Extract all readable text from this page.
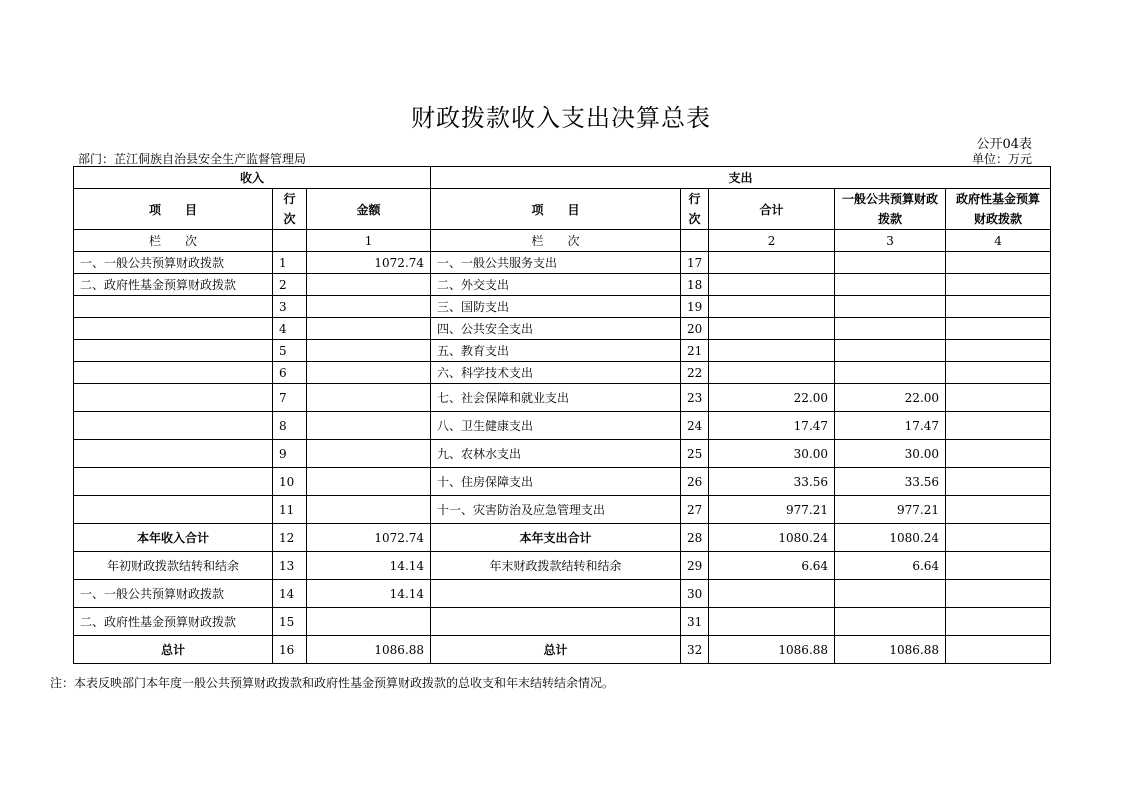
财政拨款收入支出决算总表
公开04表
部门：芷江侗族自治县安全生产监督管理局	单位：万元
收入			支出				
项　　目	行次	金额	项　　目	行次	合计	一般公共预算财政拨款	政府性基金预算财政拨款
栏　　次		1	栏　　次		2	3	4
一、一般公共预算财政拨款	1	1072.74	一、一般公共服务支出	17			
二、政府性基金预算财政拨款	2		二、外交支出	18			
	3		三、国防支出	19			
	4		四、公共安全支出	20			
	5		五、教育支出	21			
	6		六、科学技术支出	22			
	7		七、社会保障和就业支出	23	22.00	22.00	
	8		八、卫生健康支出	24	17.47	17.47	
	9		九、农林水支出	25	30.00	30.00	
	10		十、住房保障支出	26	33.56	33.56	
	11		十一、灾害防治及应急管理支出	27	977.21	977.21	
本年收入合计	12	1072.74	本年支出合计	28	1080.24	1080.24	
年初财政拨款结转和结余	13	14.14	年末财政拨款结转和结余	29	6.64	6.64	
一、一般公共预算财政拨款	14	14.14		30			
二、政府性基金预算财政拨款	15			31			
总计	16	1086.88	总计	32	1086.88	1086.88	
注：本表反映部门本年度一般公共预算财政拨款和政府性基金预算财政拨款的总收支和年末结转结余情况。
